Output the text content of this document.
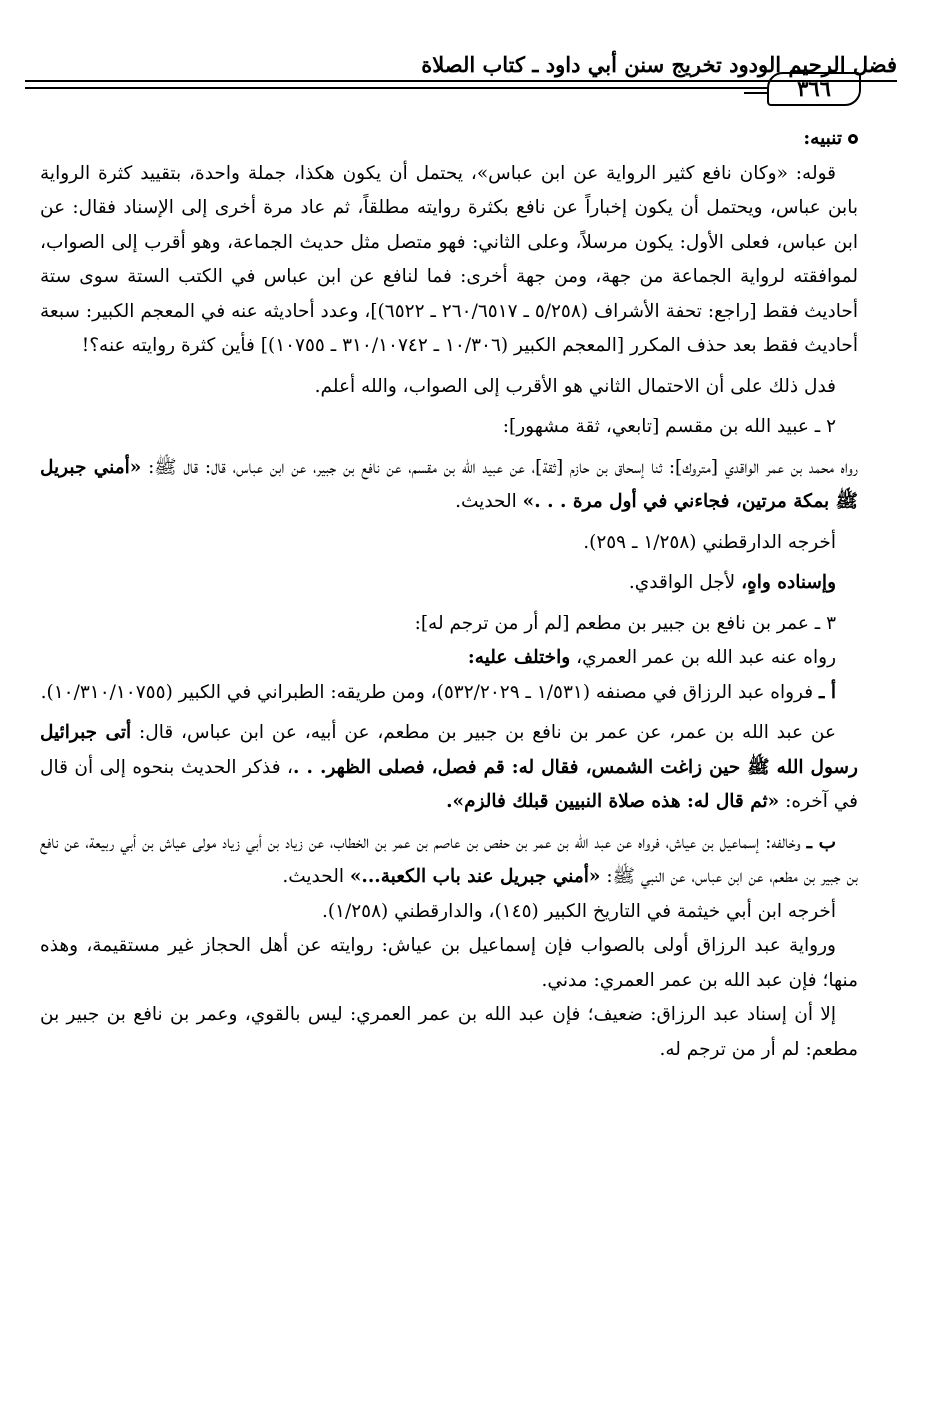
فضل الرحيم الودود تخريج سنن أبي داود ـ كتاب الصلاة
٣٦٦

تنبيه:

قوله: «وكان نافع كثير الرواية عن ابن عباس»، يحتمل أن يكون هكذا، جملة واحدة، بتقييد كثرة الرواية بابن عباس، ويحتمل أن يكون إخباراً عن نافع بكثرة روايته مطلقاً، ثم عاد مرة أخرى إلى الإسناد فقال: عن ابن عباس، فعلى الأول: يكون مرسلاً، وعلى الثاني: فهو متصل مثل حديث الجماعة، وهو أقرب إلى الصواب، لموافقته لرواية الجماعة من جهة، ومن جهة أخرى: فما لنافع عن ابن عباس في الكتب الستة سوى ستة أحاديث فقط [راجع: تحفة الأشراف (٥/٢٥٨ ـ ٢٦٠/٦٥١٧ ـ ٦٥٢٢)]، وعدد أحاديثه عنه في المعجم الكبير: سبعة أحاديث فقط بعد حذف المكرر [المعجم الكبير (١٠/٣٠٦ ـ ٣١٠/١٠٧٤٢ ـ ١٠٧٥٥)] فأين كثرة روايته عنه؟!

فدل ذلك على أن الاحتمال الثاني هو الأقرب إلى الصواب، والله أعلم.

٢ ـ عبيد الله بن مقسم [تابعي، ثقة مشهور]:

رواه محمد بن عمر الواقدي [متروك]: ثنا إسحاق بن حازم [ثقة]، عن عبيد الله بن مقسم، عن نافع بن جبير، عن ابن عباس، قال: قال ﷺ: «أمني جبريل ﷺ بمكة مرتين، فجاءني في أول مرة . . .» الحديث.

أخرجه الدارقطني (١/٢٥٨ ـ ٢٥٩).

وإسناده واهٍ، لأجل الواقدي.

٣ ـ عمر بن نافع بن جبير بن مطعم [لم أر من ترجم له]:

رواه عنه عبد الله بن عمر العمري، واختلف عليه:

أ ـ فرواه عبد الرزاق في مصنفه (١/٥٣١ ـ ٥٣٢/٢٠٢٩)، ومن طريقه: الطبراني في الكبير (١٠/٣١٠/١٠٧٥٥).

عن عبد الله بن عمر، عن عمر بن نافع بن جبير بن مطعم، عن أبيه، عن ابن عباس، قال: أتى جبرائيل رسول الله ﷺ حين زاغت الشمس، فقال له: قم فصل، فصلى الظهر. . .، فذكر الحديث بنحوه إلى أن قال في آخره: «ثم قال له: هذه صلاة النبيين قبلك فالزم».

ب ـ وخالفه: إسماعيل بن عياش، فرواه عن عبد الله بن عمر بن حفص بن عاصم بن عمر بن الخطاب، عن زياد بن أبي زياد مولى عياش بن أبي ربيعة، عن نافع بن جبير بن مطعم، عن ابن عباس، عن النبي ﷺ: «أمني جبريل عند باب الكعبة...» الحديث.

أخرجه ابن أبي خيثمة في التاريخ الكبير (١٤٥)، والدارقطني (١/٢٥٨).

ورواية عبد الرزاق أولى بالصواب فإن إسماعيل بن عياش: روايته عن أهل الحجاز غير مستقيمة، وهذه منها؛ فإن عبد الله بن عمر العمري: مدني.

إلا أن إسناد عبد الرزاق: ضعيف؛ فإن عبد الله بن عمر العمري: ليس بالقوي، وعمر بن نافع بن جبير بن مطعم: لم أر من ترجم له.
